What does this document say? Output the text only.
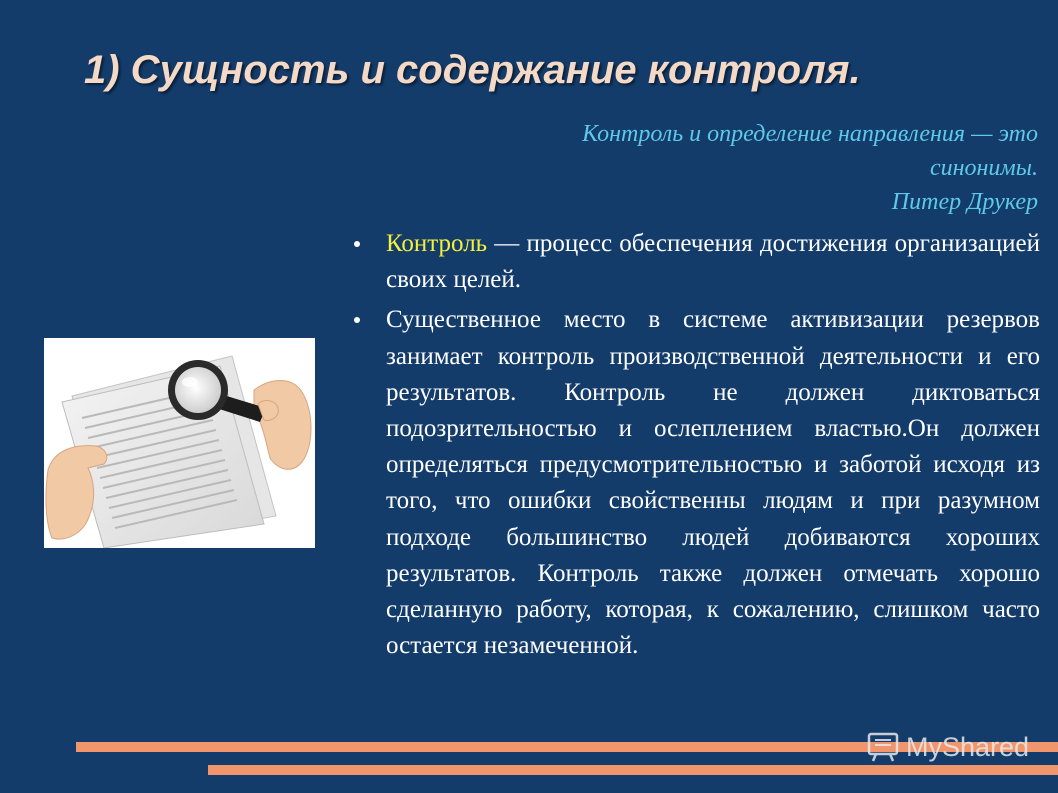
1) Сущность и содержание контроля.
Контроль и определение направления — это
синонимы.
Питер Друкер
Контроль — процесс обеспечения достижения организацией своих целей.
Существенное место в системе активизации резервов занимает контроль производственной деятельности и его результатов. Контроль не должен диктоваться подозрительностью и ослеплением властью.Он должен определяться предусмотрительностью и заботой исходя из того, что ошибки свойственны людям и при разумном подходе большинство людей добиваются хороших результатов. Контроль также должен отмечать хорошо сделанную работу, которая, к сожалению, слишком часто остается незамеченной.
MyShared
